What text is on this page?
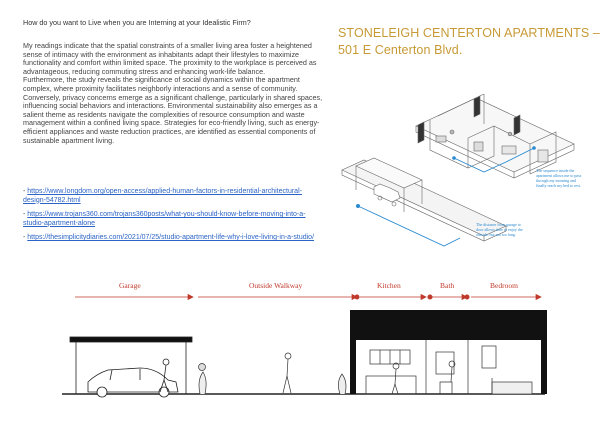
How do you want to Live when you are Interning at your Idealistic Firm?

My readings indicate that the spatial constraints of a smaller living area foster a heightened sense of intimacy with the environment as inhabitants adapt their lifestyles to maximize functionality and comfort within limited space. The proximity to the workplace is perceived as advantageous, reducing commuting stress and enhancing work-life balance.

Furthermore, the study reveals the significance of social dynamics within the apartment complex, where proximity facilitates neighborly interactions and a sense of community. Conversely, privacy concerns emerge as a significant challenge, particularly in shared spaces, influencing social behaviors and interactions. Environmental sustainability also emerges as a salient theme as residents navigate the complexities of resource consumption and waste management within a confined living space. Strategies for eco-friendly living, such as energy-efficient appliances and waste reduction practices, are identified as essential components of sustainable apartment living.

- https://www.longdom.org/open-access/applied-human-factors-in-residential-architectural-design-54782.html
- https://www.trojans360.com/trojans360posts/what-you-should-know-before-moving-into-a-studio-apartment-alone
- https://thesimplicitydiaries.com/2021/07/25/studio-apartment-life-why-i-love-living-in-a-studio/
STONELEIGH CENTERTON APARTMENTS –
501 E Centerton Blvd.
The sequence inside the apartment allows me to pass through my morning and finally reach my bed to rest.
The distance from garage to door allows time to enjoy the outside, but not too long.
Garage	Outside Walkway	Kitchen	Bath	Bedroom
